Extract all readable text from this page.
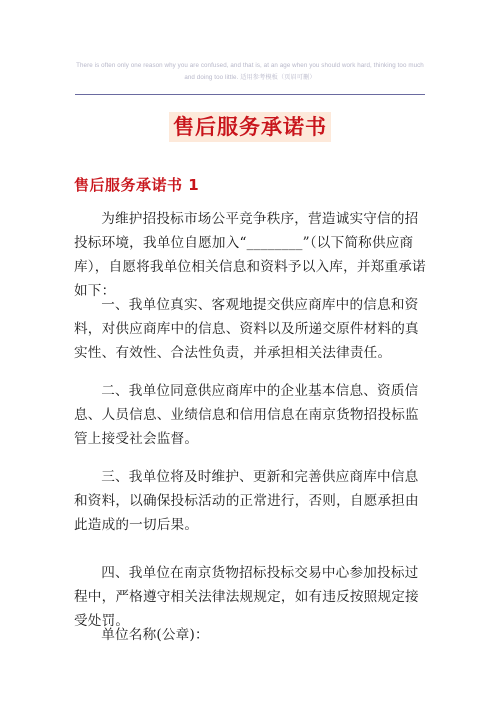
There is often only one reason why you are confused, and that is, at an age when you should work hard, thinking too much and doing too little. 适用参考模板（页眉可删）
售后服务承诺书
售后服务承诺书 1

为维护招投标市场公平竞争秩序，营造诚实守信的招投标环境，我单位自愿加入“________”（以下简称供应商库），自愿将我单位相关信息和资料予以入库，并郑重承诺如下：

一、我单位真实、客观地提交供应商库中的信息和资料，对供应商库中的信息、资料以及所递交原件材料的真实性、有效性、合法性负责，并承担相关法律责任。

二、我单位同意供应商库中的企业基本信息、资质信息、人员信息、业绩信息和信用信息在南京货物招投标监管上接受社会监督。

三、我单位将及时维护、更新和完善供应商库中信息和资料，以确保投标活动的正常进行，否则，自愿承担由此造成的一切后果。

四、我单位在南京货物招标投标交易中心参加投标过程中，严格遵守相关法律法规规定，如有违反按照规定接受处罚。

单位名称(公章)：
